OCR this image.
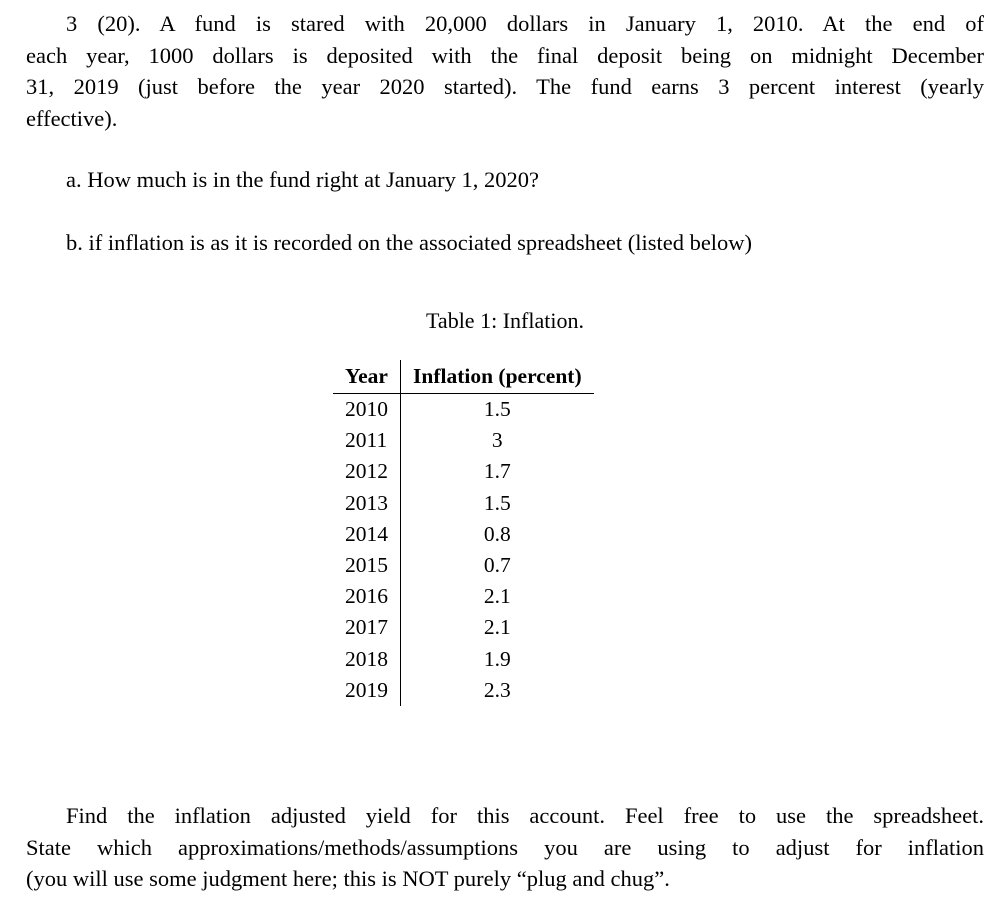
3 (20). A fund is stared with 20,000 dollars in January 1, 2010. At the end of
each year, 1000 dollars is deposited with the final deposit being on midnight December
31, 2019 (just before the year 2020 started). The fund earns 3 percent interest (yearly
effective).
a. How much is in the fund right at January 1, 2020?
b. if inflation is as it is recorded on the associated spreadsheet (listed below)
Table 1: Inflation.
Year	Inflation (percent)
2010	1.5
2011	3
2012	1.7
2013	1.5
2014	0.8
2015	0.7
2016	2.1
2017	2.1
2018	1.9
2019	2.3
Find the inflation adjusted yield for this account. Feel free to use the spreadsheet.
State which approximations/methods/assumptions you are using to adjust for inflation
(you will use some judgment here; this is NOT purely “plug and chug”.
